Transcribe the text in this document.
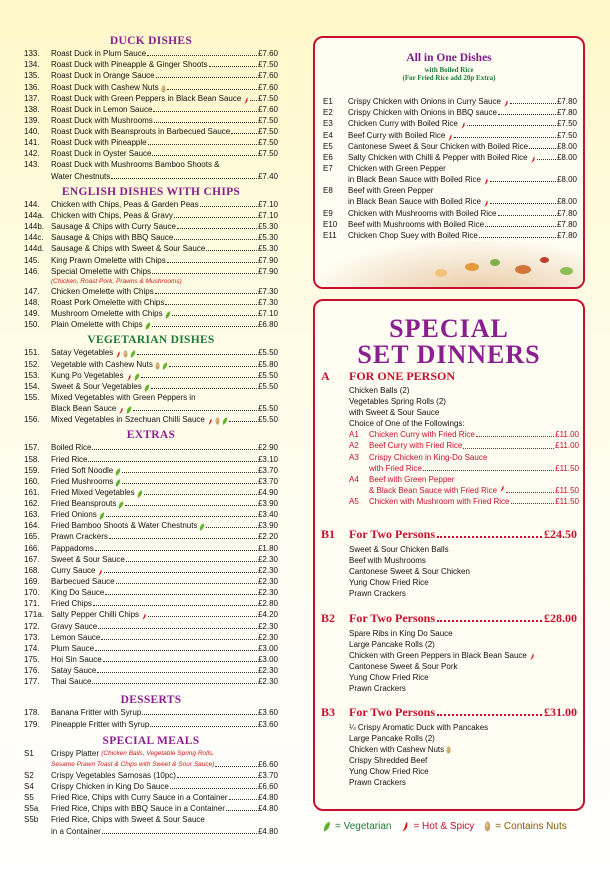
DUCK DISHES
133.	Roast Duck in Plum Sauce	£7.60
134.	Roast Duck with Pineapple & Ginger Shoots	£7.50
135.	Roast Duck in Orange Sauce	£7.60
136.	Roast Duck with Cashew Nuts	£7.60
137.	Roast Duck with Green Peppers in Black Bean Sauce £7.50
138.	Roast Duck in Lemon Sauce	£7.60
139.	Roast Duck with Mushrooms	£7.50
140.	Roast Duck with Beansprouts in Barbecued Sauce	£7.50
141.	Roast Duck with Pineapple	£7.50
142.	Roast Duck in Oyster Sauce	£7.50
143.	Roast Duck with Mushrooms Bamboo Shoots &
Water Chestnuts	£7.40
ENGLISH DISHES WITH CHIPS
144.	Chicken with Chips, Peas & Garden Peas	£7.10
144a. Chicken with Chips, Peas & Gravy	£7.10
144b. Sausage & Chips with Curry Sauce	£5.30
144c. Sausage & Chips with BBQ Sauce	£5.30
144d. Sausage & Chips with Sweet & Sour Sauce	£5.30
145.	King Prawn Omelette with Chips	£7.90
146.	Special Omelette with Chips	£7.90
(Chicken, Roast Pork, Prawns & Mushrooms)
147.	Chicken Omelette with Chips	£7.30
148.	Roast Pork Omelette with Chips	£7.30
149.	Mushroom Omelette with Chips	£7.10
150.	Plain Omelette with Chips	£6.80
VEGETARIAN DISHES
151.	Satay Vegetables	£5.50
152.	Vegetable with Cashew Nuts	£5.80
153.	Kung Po Vegetables	£5.50
154.	Sweet & Sour Vegetables	£5.50
155.	Mixed Vegetables with Green Peppers in
Black Bean Sauce	£5.50
156.	Mixed Vegetables in Szechuan Chilli Sauce	£5.50
EXTRAS
157.	Boiled Rice	£2.90
158.	Fried Rice	£3.10
159.	Fried Soft Noodle	£3.70
160.	Fried Mushrooms	£3.70
161.	Fried Mixed Vegetables	£4.90
162.	Fried Beansprouts	£3.90
163.	Fried Onions	£3.40
164.	Fried Bamboo Shoots & Water Chestnuts	£3.90
165.	Prawn Crackers	£2.20
166.	Pappadoms	£1.80
167.	Sweet & Sour Sauce	£2.30
168.	Curry Sauce	£2.30
169.	Barbecued Sauce	£2.30
170.	King Do Sauce	£2.30
171.	Fried Chips	£2.80
171a. Salty Pepper Chilli Chips	£4.20
172.	Gravy Sauce	£2.30
173.	Lemon Sauce	£2.30
174.	Plum Sauce	£3.00
175.	Hoi Sin Sauce	£3.00
176.	Satay Sauce	£2.30
177.	Thai Sauce	£2.30
DESSERTS
178.	Banana Fritter with Syrup	£3.60
179.	Pineapple Fritter with Syrup	£3.60
SPECIAL MEALS
S1	Crispy Platter
(Chicken Balls, Vegetable Spring Rolls,
Sesame Prawn Toast & Chips with Sweet & Sour Sauce)	£6.60
S2	Crispy Vegetables Samosas (10pc)	£3.70
S4	Crispy Chicken in King Do Sauce	£6.60
S5	Fried Rice, Chips with Curry Sauce in a Container	£4.80
S5a	Fried Rice, Chips with BBQ Sauce in a Container	£4.80
S5b	Fried Rice, Chips with Sweet & Sour Sauce
in a Container	£4.80
All in One Dishes
with Boiled Rice
(For Fried Rice add 20p Extra)
E1	Crispy Chicken with Onions in Curry Sauce	£7.80
E2	Crispy Chicken with Onions in BBQ sauce	£7.80
E3	Chicken Curry with Boiled Rice	£7.50
E4	Beef Curry with Boiled Rice	£7.50
E5	Cantonese Sweet & Sour Chicken with Boiled Rice	£8.00
E6	Salty Chicken with Chilli & Pepper with Boiled Rice	£8.00
E7	Chicken with Green Pepper
in Black Bean Sauce with Boiled Rice	£8.00
E8	Beef with Green Pepper
in Black Bean Sauce with Boiled Rice	£8.00
E9	Chicken with Mushrooms with Boiled Rice	£7.80
E10	Beef with Mushrooms with Boiled Rice	£7.80
E11	Chicken Chop Suey with Boiled Rice	£7.80
SPECIAL
SET DINNERS
A	FOR ONE PERSON
Chicken Balls (2)
Vegetables Spring Rolls (2)
with Sweet & Sour Sauce
Choice of One of the Followings:
A1	Chicken Curry with Fried Rice	£11.00
A2	Beef Curry with Fried Rice	£11.00
A3	Crispy Chicken in King-Do Sauce
with Fried Rice	£11.50
A4	Beef with Green Pepper
& Black Bean Sauce with Fried Rice	£11.50
A5	Chicken with Mushroom with Fried Rice	£11.50
B1	For Two Persons	£24.50
Sweet & Sour Chicken Balls
Beef with Mushrooms
Cantonese Sweet & Sour Chicken
Yung Chow Fried Rice
Prawn Crackers
B2	For Two Persons	£28.00
Spare Ribs in King Do Sauce
Large Pancake Rolls (2)
Chicken with Green Peppers in Black Bean Sauce
Cantonese Sweet & Sour Pork
Yung Chow Fried Rice
Prawn Crackers
B3	For Two Persons	£31.00
¼ Crispy Aromatic Duck with Pancakes
Large Pancake Rolls (2)
Chicken with Cashew Nuts
Crispy Shredded Beef
Yung Chow Fried Rice
Prawn Crackers
= Vegetarian = Hot & Spicy = Contains Nuts
